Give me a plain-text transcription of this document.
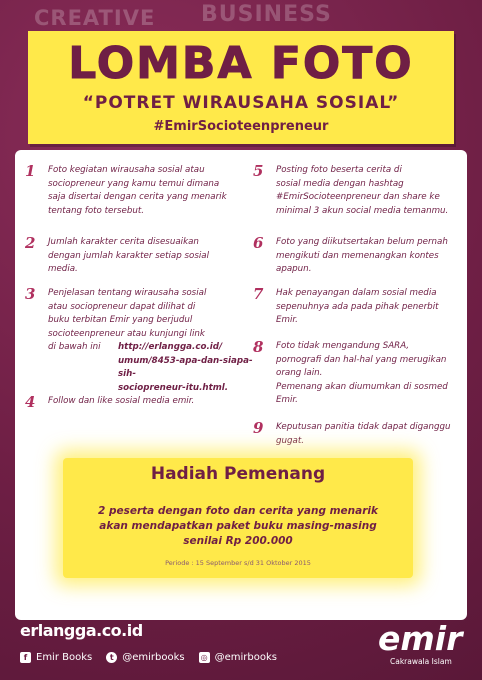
CREATIVE BUSINESS
LOMBA FOTO
“POTRET WIRAUSAHA SOSIAL”
#EmirSocioteenpreneur
1 Foto kegiatan wirausaha sosial atau
sociopreneur yang kamu temui dimana
saja disertai dengan cerita yang menarik
tentang foto tersebut.
2 Jumlah karakter cerita disesuaikan
dengan jumlah karakter setiap sosial
media.
3 Penjelasan tentang wirausaha sosial
atau sociopreneur dapat dilihat di
buku terbitan Emir yang berjudul
socioteenpreneur atau kunjungi link
di bawah ini	http://erlangga.co.id/
umum/8453-apa-dan-siapa-sih-
sociopreneur-itu.html.
4 Follow dan like sosial media emir.
5 Posting foto beserta cerita di
sosial media dengan hashtag
#EmirSocioteenpreneur dan share ke
minimal 3 akun social media temanmu.
6 Foto yang diikutsertakan belum pernah
mengikuti dan memenangkan kontes
apapun.
7 Hak penayangan dalam sosial media
sepenuhnya ada pada pihak penerbit
Emir.
8 Foto tidak mengandung SARA,
pornografi dan hal-hal yang merugikan
orang lain.
Pemenang akan diumumkan di sosmed
Emir.
9 Keputusan panitia tidak dapat diganggu
gugat.
Hadiah Pemenang
2 peserta dengan foto dan cerita yang menarik
akan mendapatkan paket buku masing-masing
senilai Rp 200.000
Periode : 15 September s/d 31 Oktober 2015
erlangga.co.id
f Emir Books	t @emirbooks ◎ @emirbooks	emir
Cakrawala Islam
